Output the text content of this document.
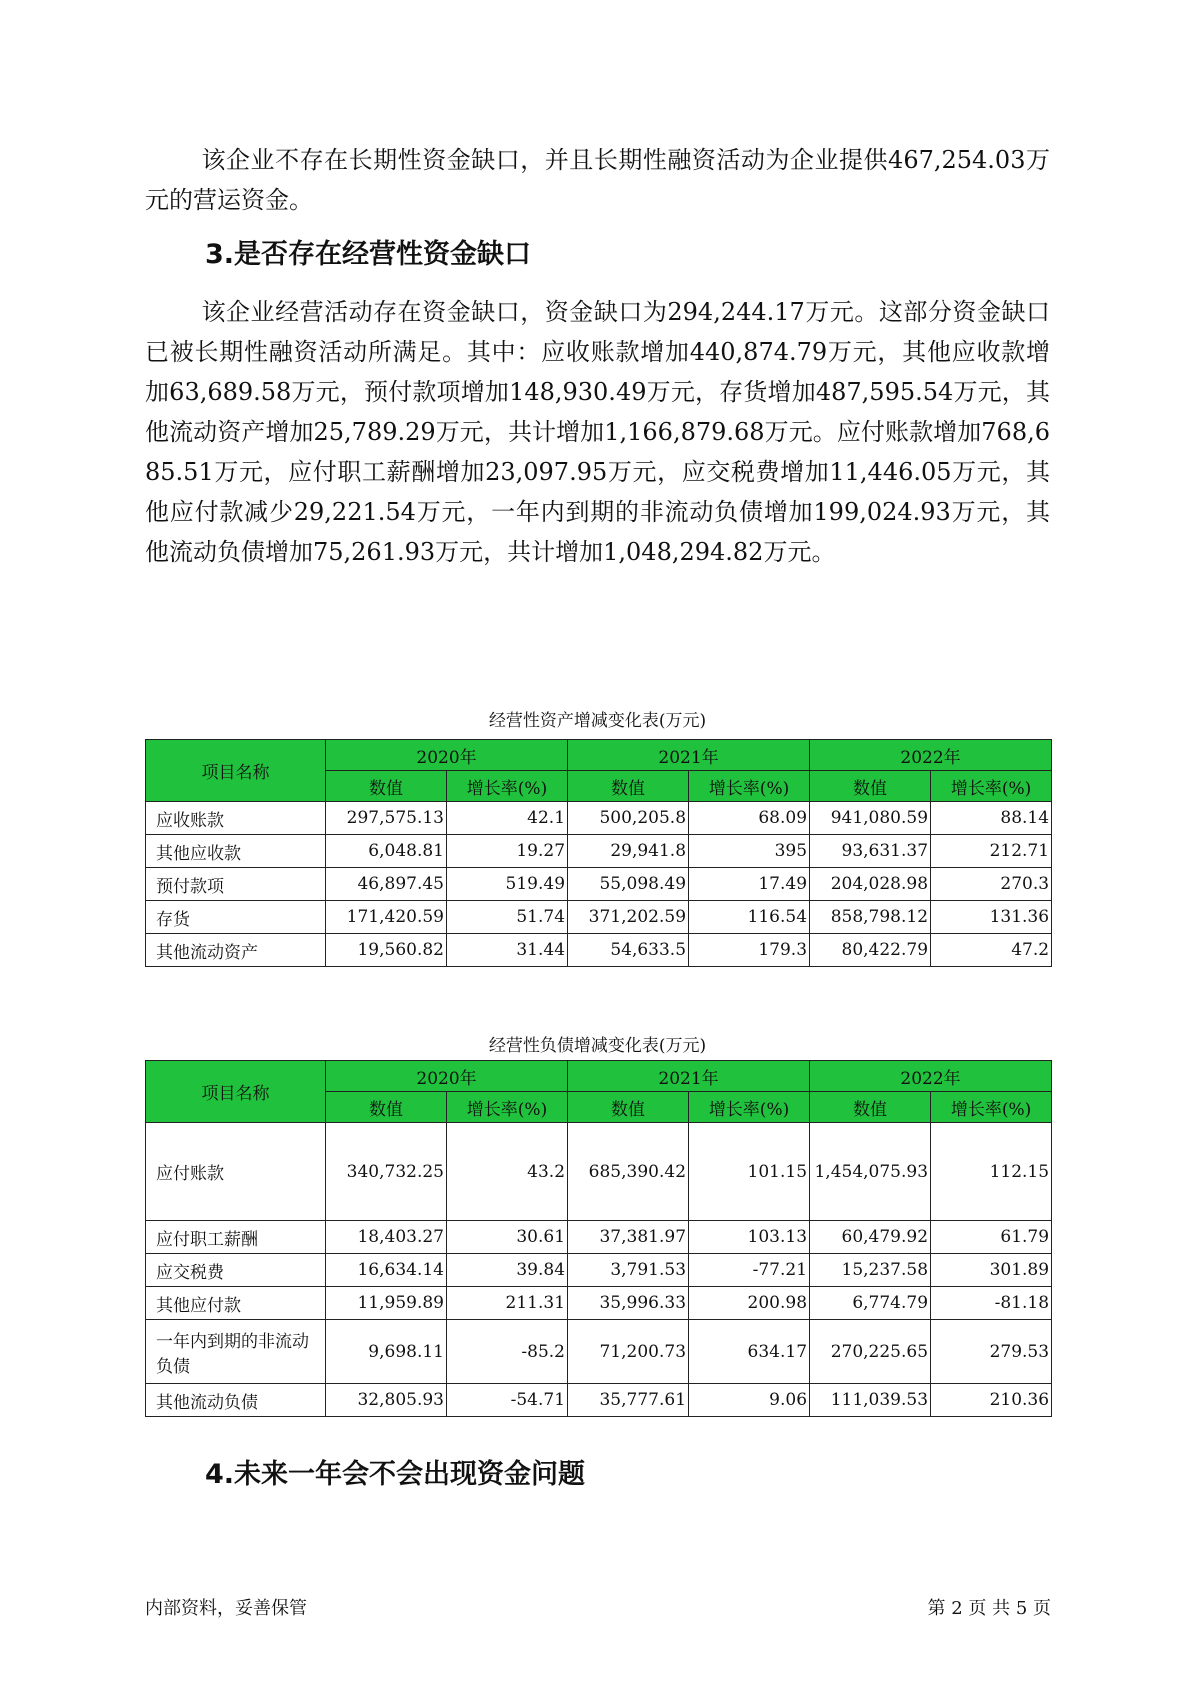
该企业不存在长期性资金缺口，并且长期性融资活动为企业提供467,254.03万元的营运资金。

3.是否存在经营性资金缺口

该企业经营活动存在资金缺口，资金缺口为294,244.17万元。这部分资金缺口已被长期性融资活动所满足。其中：应收账款增加440,874.79万元，其他应收款增加63,689.58万元，预付款项增加148,930.49万元，存货增加487,595.54万元，其他流动资产增加25,789.29万元，共计增加1,166,879.68万元。应付账款增加768,685.51万元，应付职工薪酬增加23,097.95万元，应交税费增加11,446.05万元，其他应付款减少29,221.54万元，一年内到期的非流动负债增加199,024.93万元，其他流动负债增加75,261.93万元，共计增加1,048,294.82万元。

经营性资产增减变化表(万元)
项目名称	2020年		2021年		2022年	
	数值	增长率(%)	数值	增长率(%)	数值	增长率(%)
应收账款	297,575.13	42.1	500,205.8	68.09	941,080.59	88.14
其他应收款	6,048.81	19.27	29,941.8	395	93,631.37	212.71
预付款项	46,897.45	519.49	55,098.49	17.49	204,028.98	270.3
存货	171,420.59	51.74	371,202.59	116.54	858,798.12	131.36
其他流动资产	19,560.82	31.44	54,633.5	179.3	80,422.79	47.2
经营性负债增减变化表(万元)
项目名称	2020年		2021年		2022年	
	数值	增长率(%)	数值	增长率(%)	数值	增长率(%)
应付账款	340,732.25	43.2	685,390.42	101.15	1,454,075.93	112.15
应付职工薪酬	18,403.27	30.61	37,381.97	103.13	60,479.92	61.79
应交税费	16,634.14	39.84	3,791.53	-77.21	15,237.58	301.89
其他应付款	11,959.89	211.31	35,996.33	200.98	6,774.79	-81.18
一年内到期的非流动负债	9,698.11	-85.2	71,200.73	634.17	270,225.65	279.53
其他流动负债	32,805.93	-54.71	35,777.61	9.06	111,039.53	210.36
4.未来一年会不会出现资金问题
内部资料，妥善保管	第 2 页 共 5 页
